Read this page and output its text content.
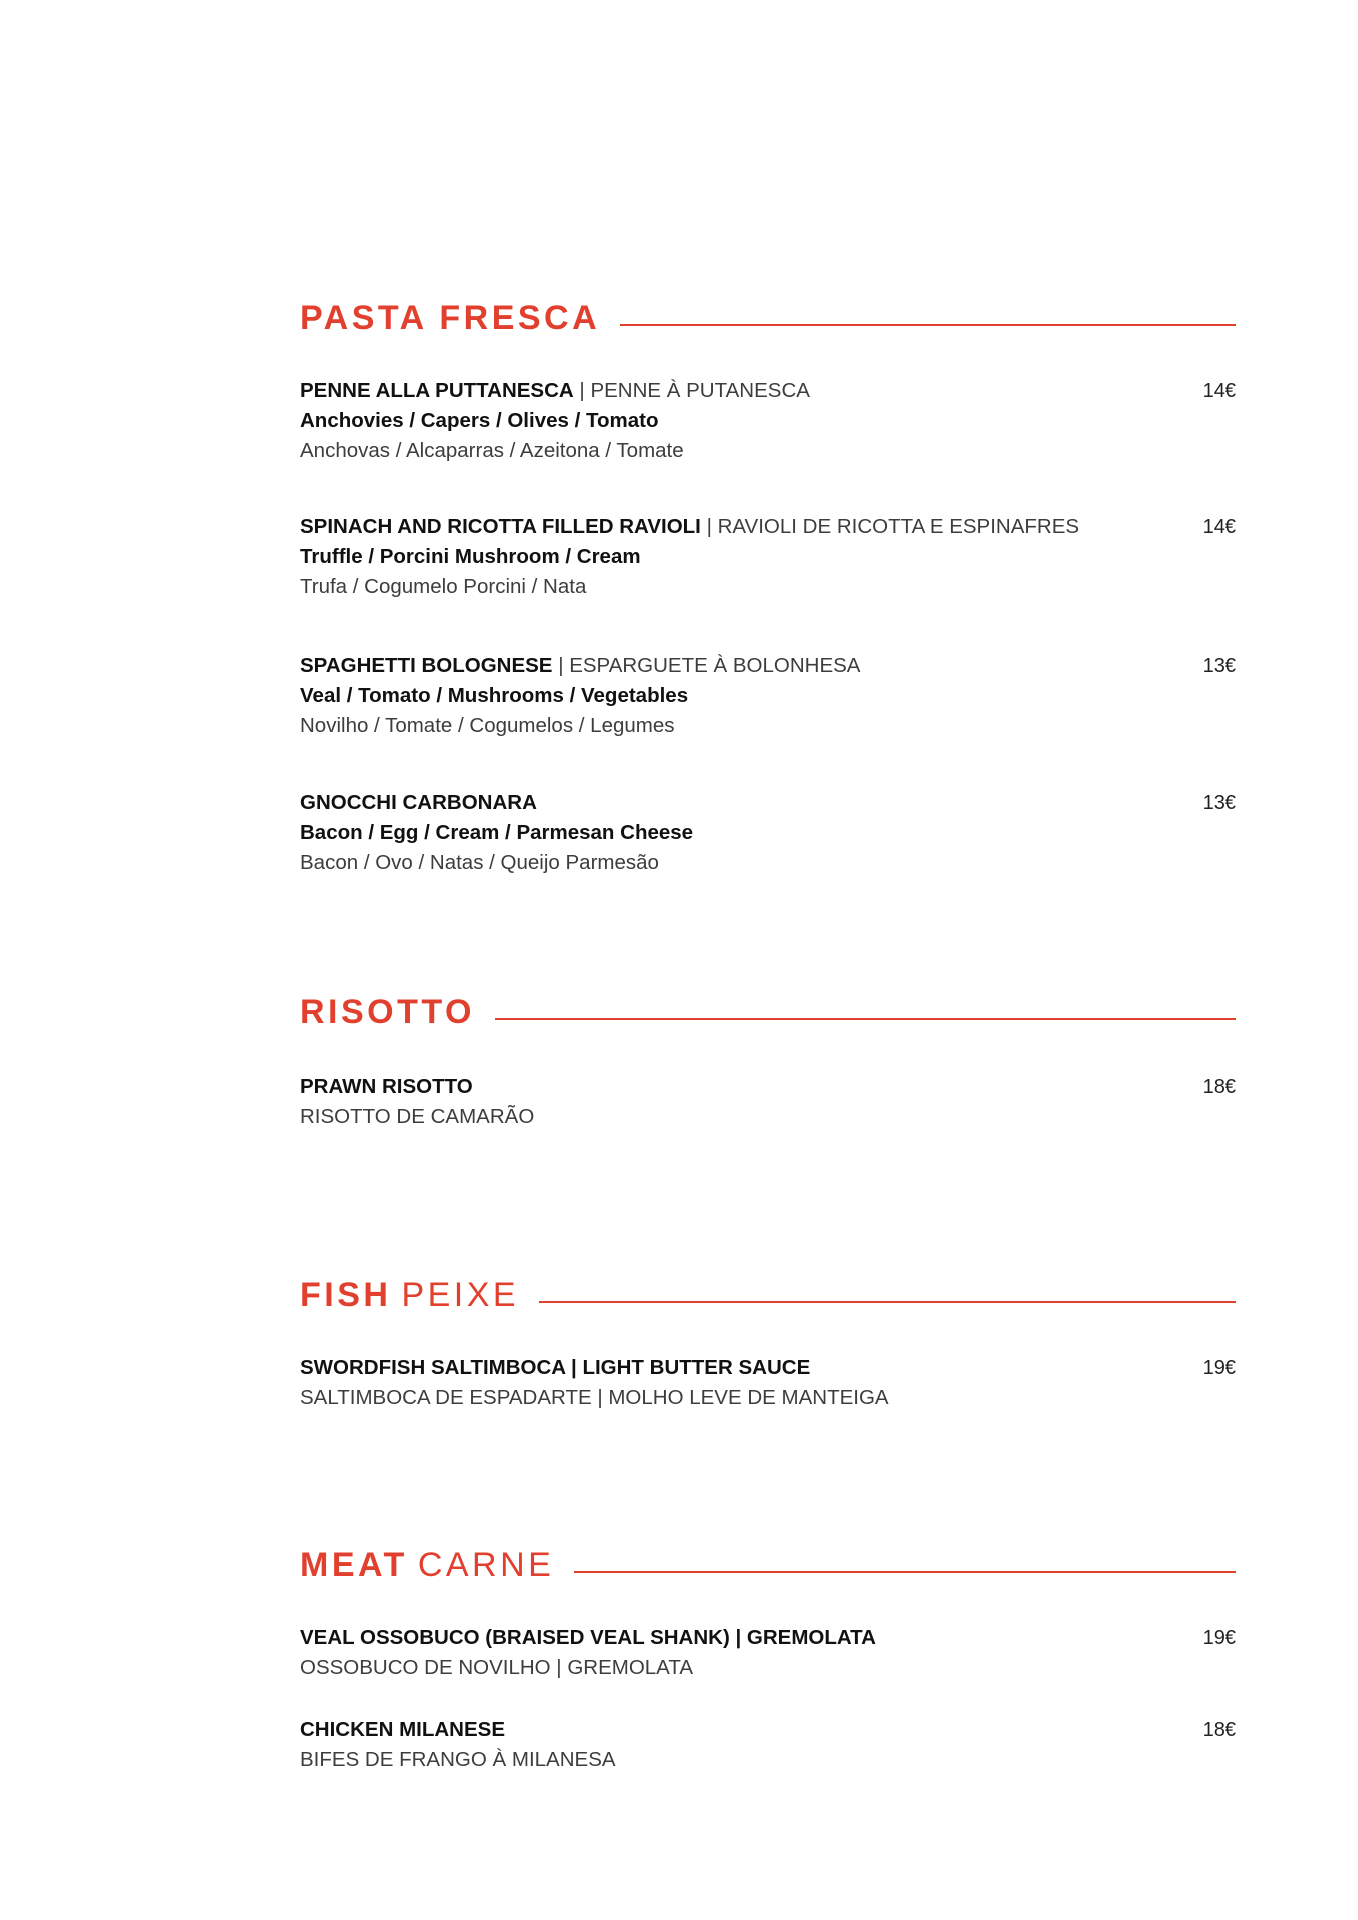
PASTA FRESCA
PENNE ALLA PUTTANESCA | PENNE À PUTANESCA
Anchovies / Capers / Olives / Tomato
Anchovas / Alcaparras / Azeitona / Tomate
14€
SPINACH AND RICOTTA FILLED RAVIOLI | RAVIOLI DE RICOTTA E ESPINAFRES
Truffle / Porcini Mushroom / Cream
Trufa / Cogumelo Porcini / Nata
14€
SPAGHETTI BOLOGNESE | ESPARGUETE À BOLONHESA
Veal / Tomato / Mushrooms / Vegetables
Novilho / Tomate / Cogumelos / Legumes
13€
GNOCCHI CARBONARA
Bacon / Egg / Cream / Parmesan Cheese
Bacon / Ovo / Natas / Queijo Parmesão
13€
RISOTTO
PRAWN RISOTTO
RISOTTO DE CAMARÃO
18€
FISH PEIXE
SWORDFISH SALTIMBOCA | LIGHT BUTTER SAUCE
SALTIMBOCA DE ESPADARTE | MOLHO LEVE DE MANTEIGA
19€
MEAT CARNE
VEAL OSSOBUCO (BRAISED VEAL SHANK) | GREMOLATA
OSSOBUCO DE NOVILHO | GREMOLATA
19€
CHICKEN MILANESE
BIFES DE FRANGO À MILANESA
18€
